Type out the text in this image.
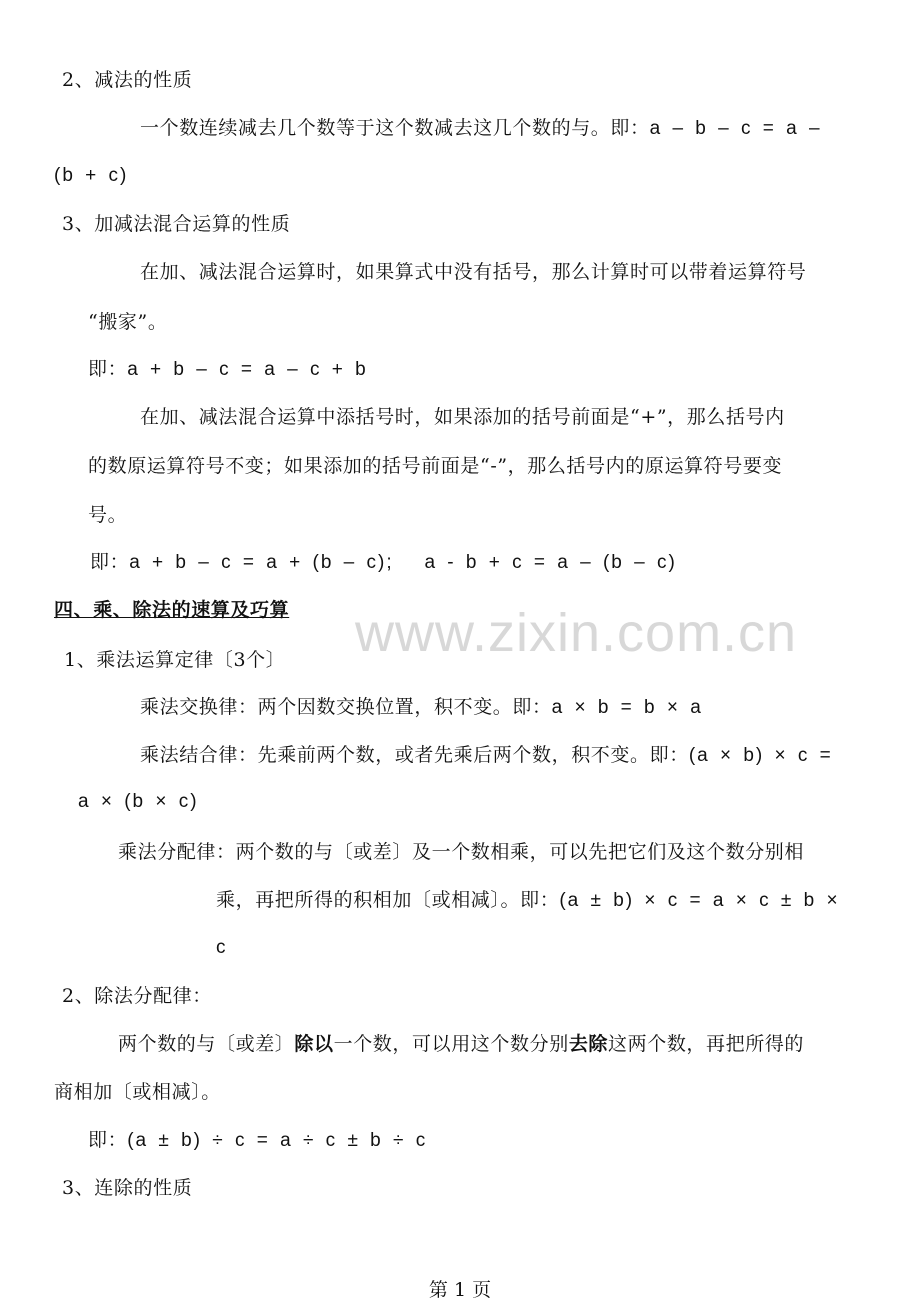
www.zixin.com.cn
2、减法的性质
一个数连续减去几个数等于这个数减去这几个数的与。即：a – b – c = a –
(b + c)
3、加减法混合运算的性质
在加、减法混合运算时，如果算式中没有括号，那么计算时可以带着运算符号
“搬家”。
即：a + b – c = a – c + b
在加、减法混合运算中添括号时，如果添加的括号前面是“+”，那么括号内
的数原运算符号不变；如果添加的括号前面是“-”，那么括号内的原运算符号要变
号。
即：a + b – c = a + (b – c);   a - b + c = a – (b – c)
四、乘、除法的速算及巧算
1、乘法运算定律〔3个〕
乘法交换律：两个因数交换位置，积不变。即：a × b = b × a
乘法结合律：先乘前两个数，或者先乘后两个数，积不变。即：(a × b) × c =
a × (b × c)
乘法分配律：两个数的与〔或差〕及一个数相乘，可以先把它们及这个数分别相
乘，再把所得的积相加〔或相减〕。即：(a ± b) × c = a × c ± b ×
c
2、除法分配律：
两个数的与〔或差〕除以一个数，可以用这个数分别去除这两个数，再把所得的
商相加〔或相减〕。
即：(a ± b) ÷ c = a ÷ c ± b ÷ c
3、连除的性质
第 1 页
